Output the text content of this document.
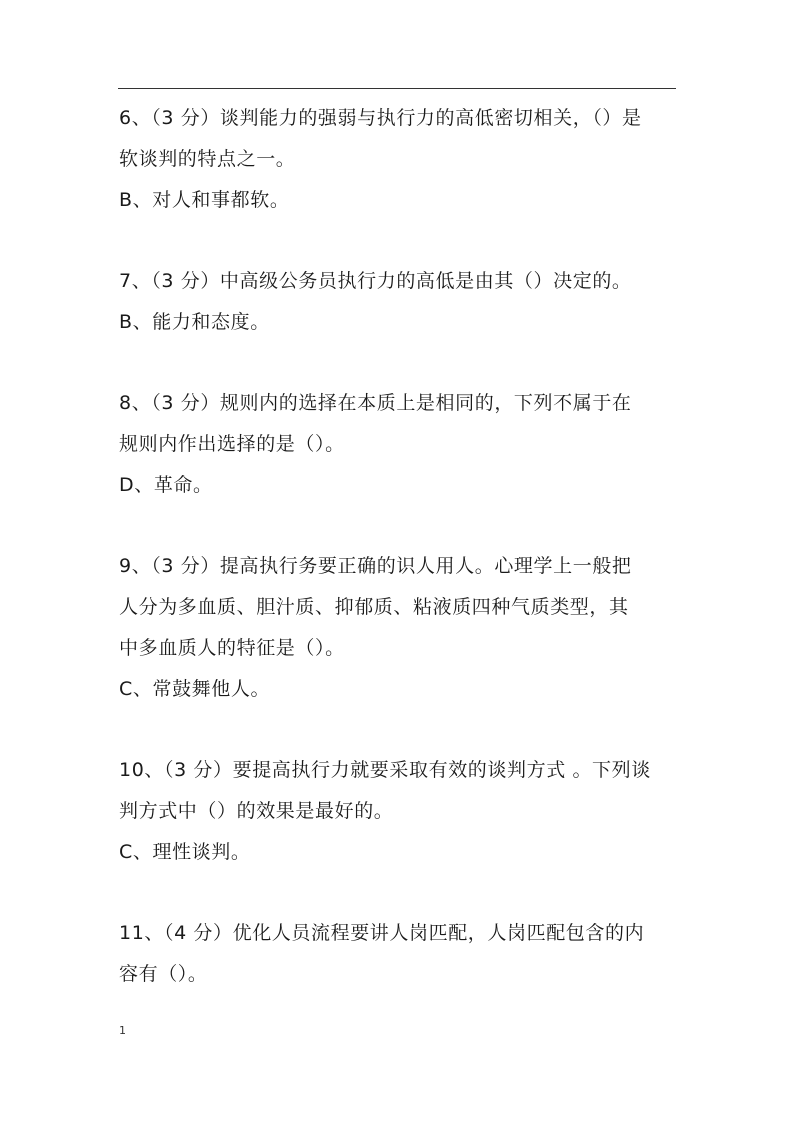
6、（3 分）谈判能力的强弱与执行力的高低密切相关，（）是

软谈判的特点之一。

B、对人和事都软。

7、（3 分）中高级公务员执行力的高低是由其（）决定的。

B、能力和态度。

8、（3 分）规则内的选择在本质上是相同的，下列不属于在

规则内作出选择的是（）。

D、革命。

9、（3 分）提高执行务要正确的识人用人。心理学上一般把

人分为多血质、胆汁质、抑郁质、粘液质四种气质类型，其

中多血质人的特征是（）。

C、常鼓舞他人。

10、（3 分）要提高执行力就要采取有效的谈判方式 。下列谈

判方式中（）的效果是最好的。

C、理性谈判。

11、（4 分）优化人员流程要讲人岗匹配，人岗匹配包含的内

容有（）。

1
